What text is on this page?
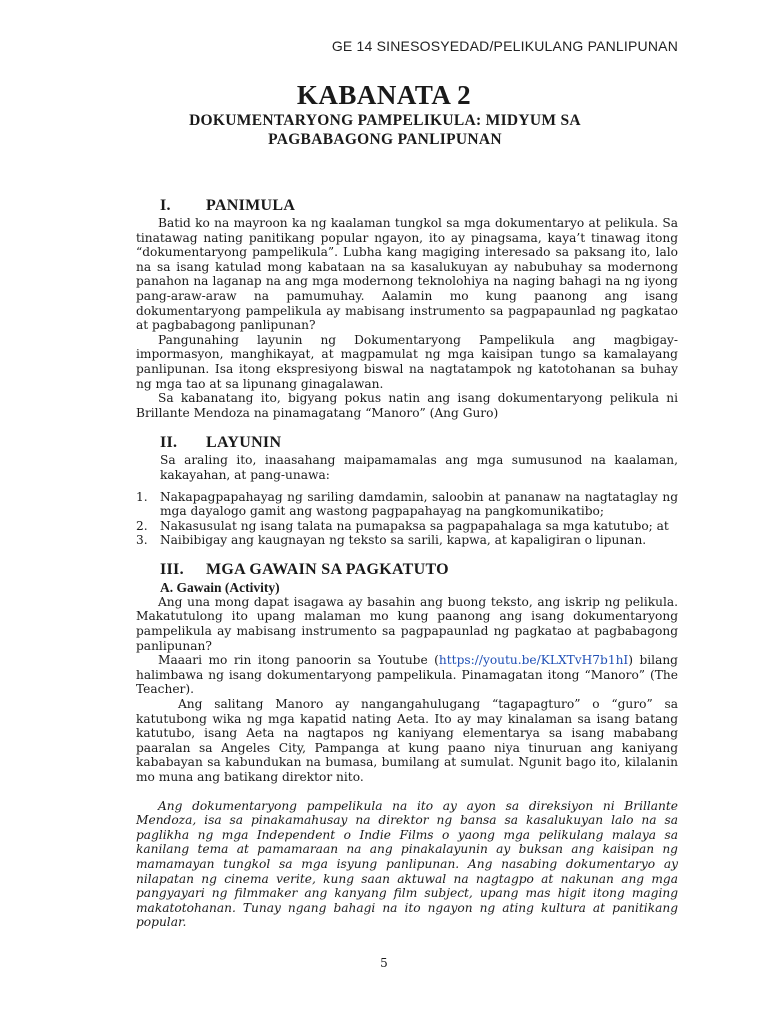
GE 14 SINESOSYEDAD/PELIKULANG PANLIPUNAN

KABANATA 2
DOKUMENTARYONG PAMPELIKULA: MIDYUM SA
PAGBABAGONG PANLIPUNAN
I. PANIMULA

Batid ko na mayroon ka ng kaalaman tungkol sa mga dokumentaryo at pelikula. Sa tinatawag nating panitikang popular ngayon, ito ay pinagsama, kaya’t tinawag itong “dokumentaryong pampelikula”. Lubha kang magiging interesado sa paksang ito, lalo na sa isang katulad mong kabataan na sa kasalukuyan ay nabubuhay sa modernong panahon na laganap na ang mga modernong teknolohiya na naging bahagi na ng iyong pang-araw-araw na pamumuhay. Aalamin mo kung paanong ang isang dokumentaryong pampelikula ay mabisang instrumento sa pagpapaunlad ng pagkatao at pagbabagong panlipunan?

Pangunahing layunin ng Dokumentaryong Pampelikula ang magbigay-impormasyon, manghikayat, at magpamulat ng mga kaisipan tungo sa kamalayang panlipunan. Isa itong ekspresiyong biswal na nagtatampok ng katotohanan sa buhay ng mga tao at sa lipunang ginagalawan.

Sa kabanatang ito, bigyang pokus natin ang isang dokumentaryong pelikula ni Brillante Mendoza na pinamagatang “Manoro” (Ang Guro)

II. LAYUNIN

Sa araling ito, inaasahang maipamamalas ang mga sumusunod na kaalaman, kakayahan, at pang-unawa:

1.	Nakapagpapahayag ng sariling damdamin, saloobin at pananaw na nagtataglay ng mga dayalogo gamit ang wastong pagpapahayag na pangkomunikatibo;
2.	Nakasusulat ng isang talata na pumapaksa sa pagpapahalaga sa mga katutubo; at
3.	Naibibigay ang kaugnayan ng teksto sa sarili, kapwa, at kapaligiran o lipunan.
III. MGA GAWAIN SA PAGKATUTO

A. Gawain (Activity)

Ang una mong dapat isagawa ay basahin ang buong teksto, ang iskrip ng pelikula. Makatutulong ito upang malaman mo kung paanong ang isang dokumentaryong pampelikula ay mabisang instrumento sa pagpapaunlad ng pagkatao at pagbabagong panlipunan?

Maaari mo rin itong panoorin sa Youtube (https://youtu.be/KLXTvH7b1hI) bilang halimbawa ng isang dokumentaryong pampelikula. Pinamagatan itong “Manoro” (The Teacher).

Ang salitang Manoro ay nangangahulugang “tagapagturo” o “guro” sa katutubong wika ng mga kapatid nating Aeta. Ito ay may kinalaman sa isang batang katutubo, isang Aeta na nagtapos ng kaniyang elementarya sa isang mababang paaralan sa Angeles City, Pampanga at kung paano niya tinuruan ang kaniyang kababayan sa kabundukan na bumasa, bumilang at sumulat. Ngunit bago ito, kilalanin mo muna ang batikang direktor nito.

Ang dokumentaryong pampelikula na ito ay ayon sa direksiyon ni Brillante Mendoza, isa sa pinakamahusay na direktor ng bansa sa kasalukuyan lalo na sa paglikha ng mga Independent o Indie Films o yaong mga pelikulang malaya sa kanilang tema at pamamaraan na ang pinakalayunin ay buksan ang kaisipan ng mamamayan tungkol sa mga isyung panlipunan. Ang nasabing dokumentaryo ay nilapatan ng cinema verite, kung saan aktuwal na nagtagpo at nakunan ang mga pangyayari ng filmmaker ang kanyang film subject, upang mas higit itong maging makatotohanan. Tunay ngang bahagi na ito ngayon ng ating kultura at panitikang popular.

5
